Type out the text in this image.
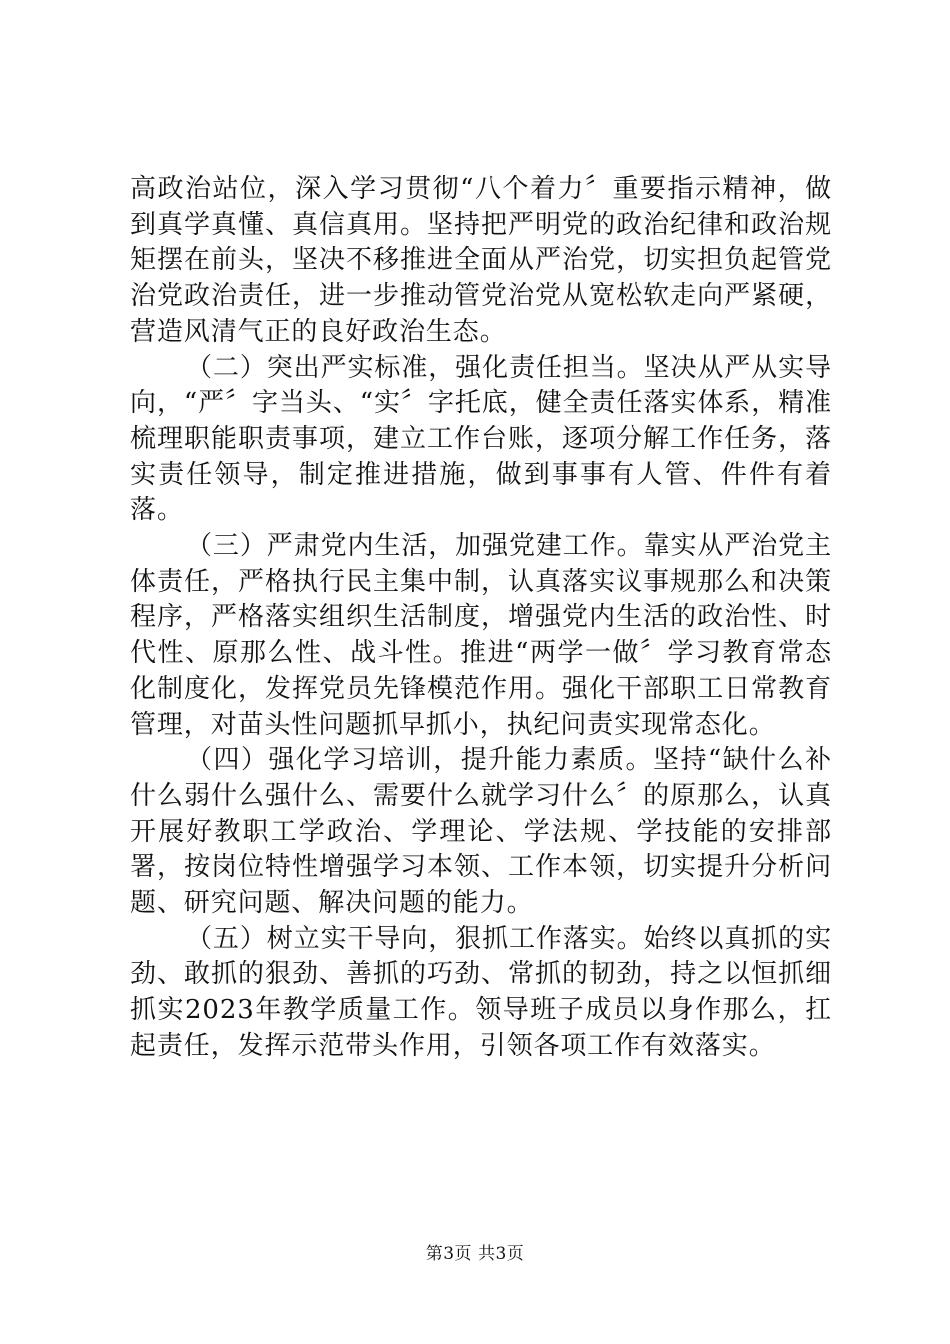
高政治站位，深入学习贯彻“八个着力〞重要指示精神，做到真学真懂、真信真用。坚持把严明党的政治纪律和政治规矩摆在前头，坚决不移推进全面从严治党，切实担负起管党治党政治责任，进一步推动管党治党从宽松软走向严紧硬，营造风清气正的良好政治生态。

（二）突出严实标准，强化责任担当。坚决从严从实导向，“严〞字当头、“实〞字托底，健全责任落实体系，精准梳理职能职责事项，建立工作台账，逐项分解工作任务，落实责任领导，制定推进措施，做到事事有人管、件件有着落。

（三）严肃党内生活，加强党建工作。靠实从严治党主体责任，严格执行民主集中制，认真落实议事规那么和决策程序，严格落实组织生活制度，增强党内生活的政治性、时代性、原那么性、战斗性。推进“两学一做〞学习教育常态化制度化，发挥党员先锋模范作用。强化干部职工日常教育管理，对苗头性问题抓早抓小，执纪问责实现常态化。

（四）强化学习培训，提升能力素质。坚持“缺什么补什么弱什么强什么、需要什么就学习什么〞的原那么，认真开展好教职工学政治、学理论、学法规、学技能的安排部署，按岗位特性增强学习本领、工作本领，切实提升分析问题、研究问题、解决问题的能力。

（五）树立实干导向，狠抓工作落实。始终以真抓的实劲、敢抓的狠劲、善抓的巧劲、常抓的韧劲，持之以恒抓细抓实2023年教学质量工作。领导班子成员以身作那么，扛起责任，发挥示范带头作用，引领各项工作有效落实。

第3页 共3页
